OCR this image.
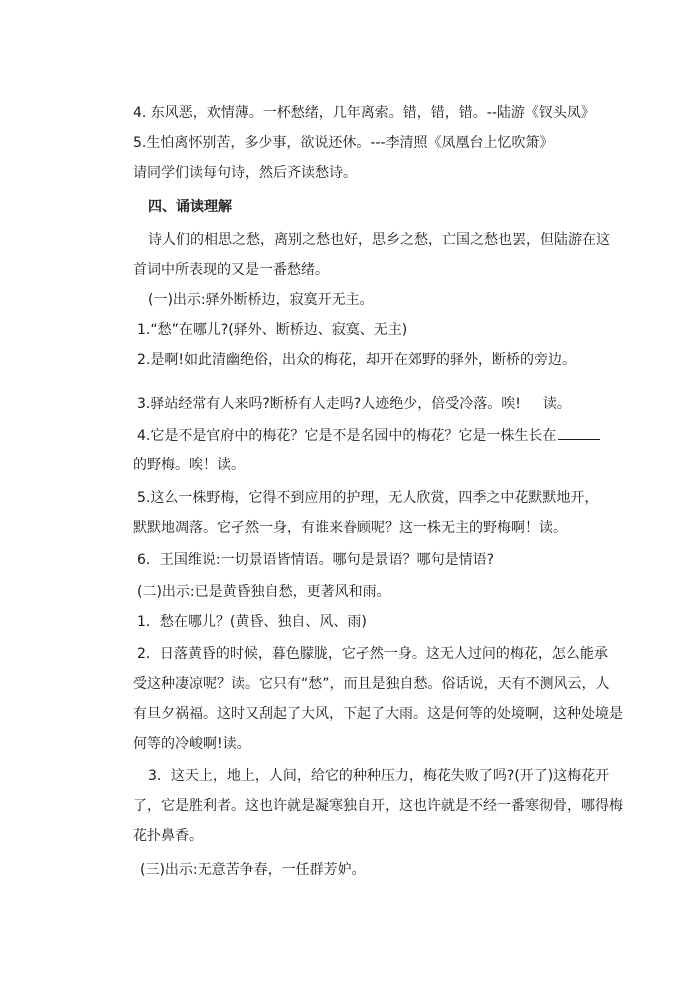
4. 东风恶，欢情薄。一杯愁绪，几年离索。错，错，错。--陆游《钗头凤》
5.生怕离怀别苦，多少事，欲说还休。---李清照《凤凰台上忆吹箫》
请同学们读每句诗，然后齐读愁诗。
四、诵读理解
诗人们的相思之愁，离别之愁也好，思乡之愁，亡国之愁也罢，但陆游在这
首词中所表现的又是一番愁绪。
(一)出示:驿外断桥边，寂寞开无主。
1.“愁”在哪儿?(驿外、断桥边、寂寞、无主)
2.是啊!如此清幽绝俗，出众的梅花，却开在郊野的驿外，断桥的旁边。
3.驿站经常有人来吗?断桥有人走吗?人迹绝少，倍受冷落。唉! 读。
4.它是不是官府中的梅花？它是不是名园中的梅花？它是一株生长在
的野梅。唉！读。
5.这么一株野梅，它得不到应用的护理，无人欣赏，四季之中花默默地开，
默默地凋落。它孑然一身，有谁来眷顾呢？这一株无主的野梅啊！读。
6．王国维说:一切景语皆情语。哪句是景语？哪句是情语?
(二)出示:已是黄昏独自愁，更著风和雨。
1．愁在哪儿？(黄昏、独自、风、雨)
2．日落黄昏的时候，暮色朦胧，它孑然一身。这无人过问的梅花，怎么能承
受这种凄凉呢？读。它只有“愁”，而且是独自愁。俗话说，天有不测风云，人
有旦夕祸福。这时又刮起了大风，下起了大雨。这是何等的处境啊，这种处境是
何等的冷峻啊!读。
3．这天上，地上，人间，给它的种种压力，梅花失败了吗?(开了)这梅花开
了，它是胜利者。这也许就是凝寒独自开，这也许就是不经一番寒彻骨，哪得梅
花扑鼻香。
(三)出示:无意苦争春，一任群芳妒。
